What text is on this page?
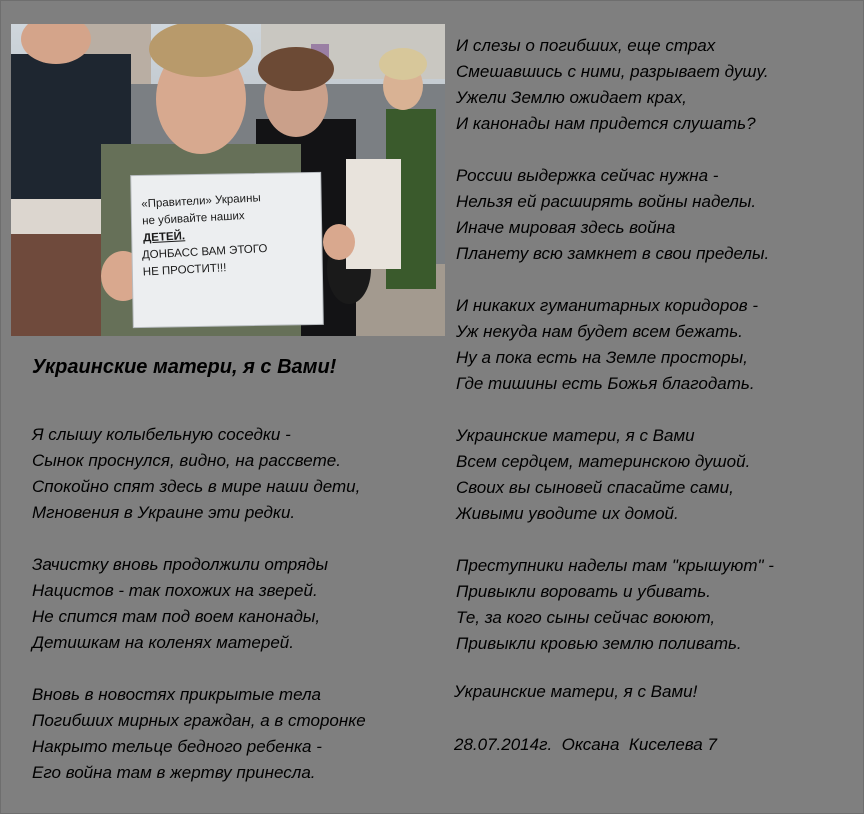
«Правители» Украины
не убивайте наших
ДЕТЕЙ.
ДОНБАСС ВАМ ЭТОГО
НЕ ПРОСТИТ!!!
Украинские матери, я с Вами!
Я слышу колыбельную соседки -
Сынок проснулся, видно, на рассвете.
Спокойно спят здесь в мире наши дети,
Мгновения в Украине эти редки.
Зачистку вновь продолжили отряды
Нацистов - так похожих на зверей.
Не спится там под воем канонады,
Детишкам на коленях матерей.
Вновь в новостях прикрытые тела
Погибших мирных граждан, а в сторонке
Накрыто тельце бедного ребенка -
Его война там в жертву принесла.
И слезы о погибших, еще страх
Смешавшись с ними, разрывает душу.
Ужели Землю ожидает крах,
И канонады нам придется слушать?
России выдержка сейчас нужна -
Нельзя ей расширять войны наделы.
Иначе мировая здесь война
Планету всю замкнет в свои пределы.
И никаких гуманитарных коридоров -
Уж некуда нам будет всем бежать.
Ну а пока есть на Земле просторы,
Где тишины есть Божья благодать.
Украинские матери, я с Вами
Всем сердцем, материнскою душой.
Своих вы сыновей спасайте сами,
Живыми уводите их домой.
Преступники наделы там "крышуют" -
Привыкли воровать и убивать.
Те, за кого сыны сейчас воюют,
Привыкли кровью землю поливать.
Украинские матери, я с Вами!
28.07.2014г.  Оксана  Киселева 7
